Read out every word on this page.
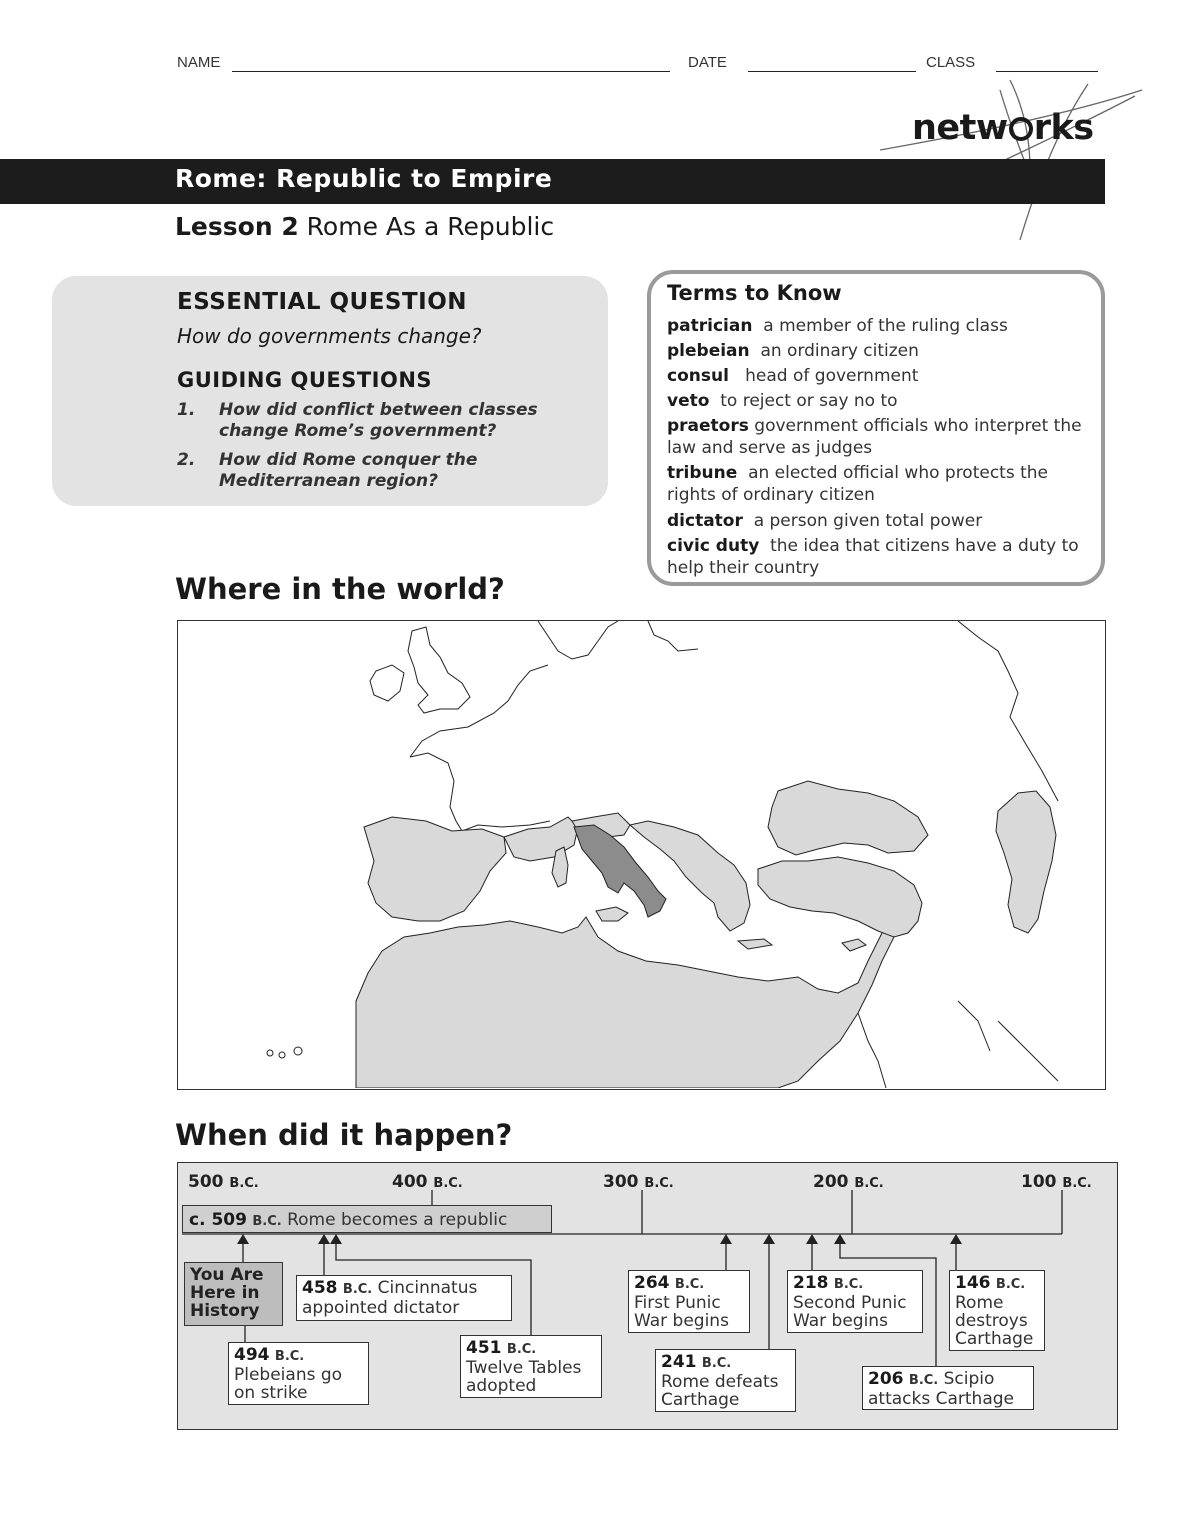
NAME	DATE	CLASS
netw rks
Rome: Republic to Empire
Lesson 2 Rome As a Republic
ESSENTIAL QUESTION
How do governments change?
GUIDING QUESTIONS
1. How did conflict between classes change Rome’s government?
2. How did Rome conquer the Mediterranean region?
Terms to Know
patrician a member of the ruling class
plebeian an ordinary citizen
consul head of government
veto to reject or say no to
praetors government officials who interpret the law and serve as judges
tribune an elected official who protects the rights of ordinary citizen
dictator a person given total power
civic duty the idea that citizens have a duty to help their country
Where in the world?
When did it happen?
500 B.C.	400 B.C.	300 B.C.	200 B.C.	100 B.C.
c. 509 B.C. Rome becomes a republic
You Are Here in History
458 B.C. Cincinnatus appointed dictator
494 B.C.
Plebeians go on strike
451 B.C.
Twelve Tables adopted
264 B.C.
First Punic War begins
241 B.C.
Rome defeats Carthage
218 B.C.
Second Punic War begins
206 B.C. Scipio attacks Carthage
146 B.C.
Rome destroys Carthage
